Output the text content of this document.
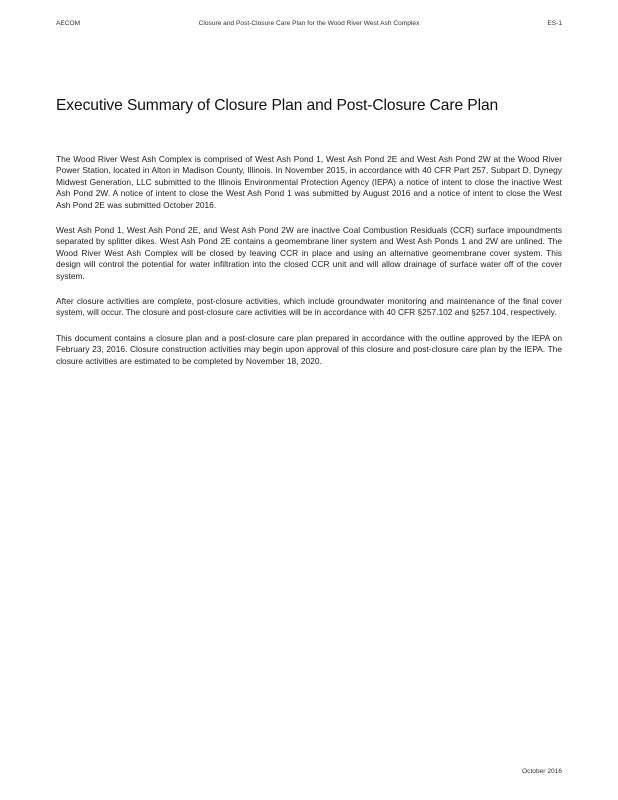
AECOM	Closure and Post-Closure Care Plan for the Wood River West Ash Complex	ES-1
Executive Summary of Closure Plan and Post-Closure Care Plan

The Wood River West Ash Complex is comprised of West Ash Pond 1, West Ash Pond 2E and West Ash Pond 2W at the Wood River Power Station, located in Alton in Madison County, Illinois. In November 2015, in accordance with 40 CFR Part 257, Subpart D, Dynegy Midwest Generation, LLC submitted to the Illinois Environmental Protection Agency (IEPA) a notice of intent to close the inactive West Ash Pond 2W. A notice of intent to close the West Ash Pond 1 was submitted by August 2016 and a notice of intent to close the West Ash Pond 2E was submitted October 2016.

West Ash Pond 1, West Ash Pond 2E, and West Ash Pond 2W are inactive Coal Combustion Residuals (CCR) surface impoundments separated by splitter dikes. West Ash Pond 2E contains a geomembrane liner system and West Ash Ponds 1 and 2W are unlined. The Wood River West Ash Complex will be closed by leaving CCR in place and using an alternative geomembrane cover system. This design will control the potential for water infiltration into the closed CCR unit and will allow drainage of surface water off of the cover system.

After closure activities are complete, post-closure activities, which include groundwater monitoring and maintenance of the final cover system, will occur. The closure and post-closure care activities will be in accordance with 40 CFR §257.102 and §257.104, respectively.

This document contains a closure plan and a post-closure care plan prepared in accordance with the outline approved by the IEPA on February 23, 2016. Closure construction activities may begin upon approval of this closure and post-closure care plan by the IEPA. The closure activities are estimated to be completed by November 18, 2020.

October 2016
